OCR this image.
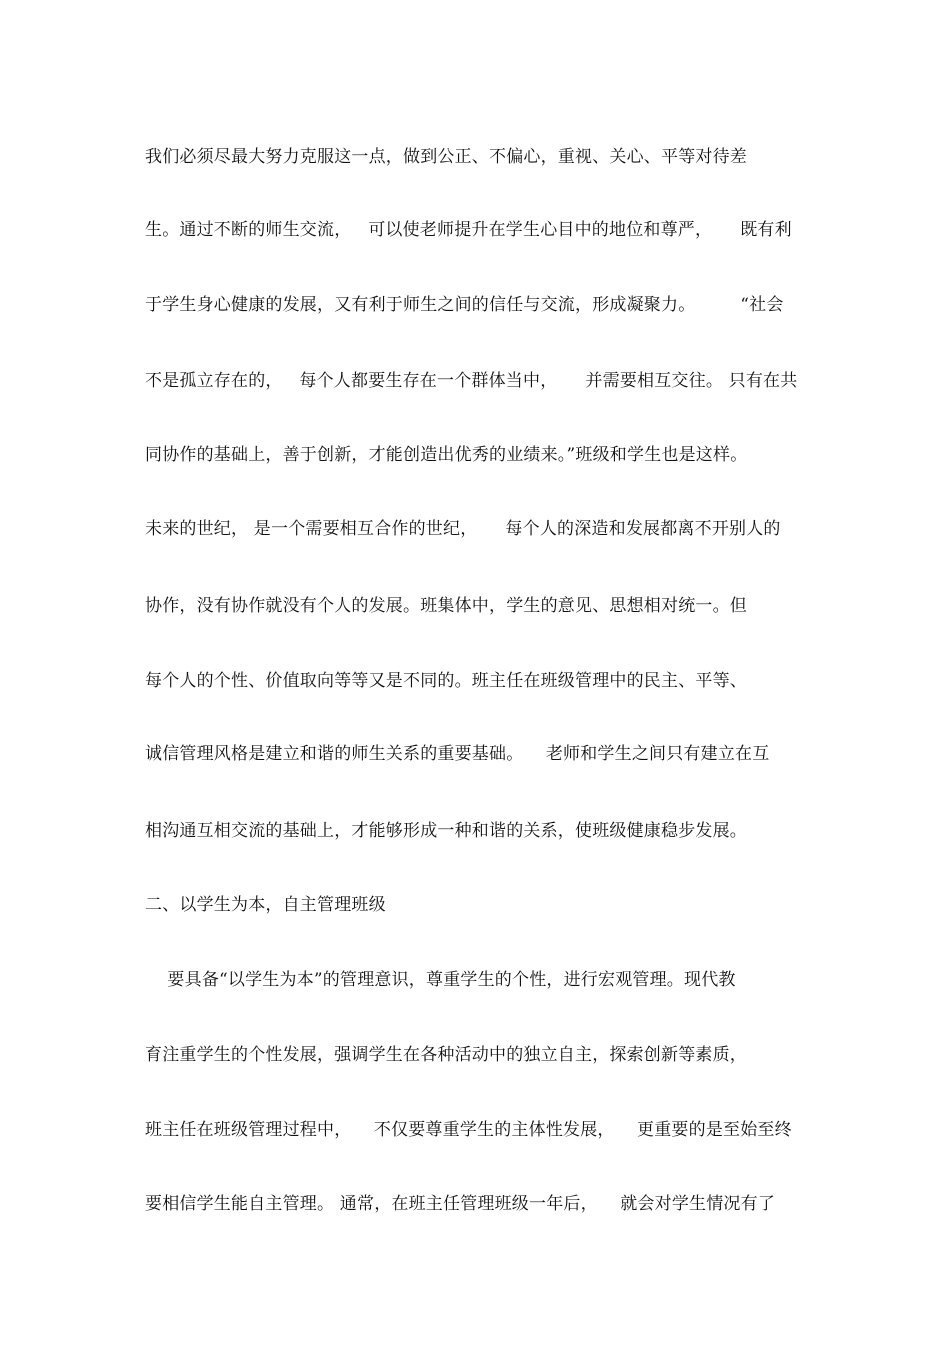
我们必须尽最大努力克服这一点，做到公正、不偏心，重视、关心、平等对待差
生。通过不断的师生交流，   可以使老师提升在学生心目中的地位和尊严，     既有利
于学生身心健康的发展，又有利于师生之间的信任与交流，形成凝聚力。        “社会
不是孤立存在的，   每个人都要生存在一个群体当中，     并需要相互交往。 只有在共
同协作的基础上，善于创新，才能创造出优秀的业绩来。”班级和学生也是这样。
未来的世纪， 是一个需要相互合作的世纪，     每个人的深造和发展都离不开别人的
协作，没有协作就没有个人的发展。班集体中，学生的意见、思想相对统一。但
每个人的个性、价值取向等等又是不同的。班主任在班级管理中的民主、平等、
诚信管理风格是建立和谐的师生关系的重要基础。    老师和学生之间只有建立在互
相沟通互相交流的基础上，才能够形成一种和谐的关系，使班级健康稳步发展。
二、以学生为本，自主管理班级
要具备“以学生为本”的管理意识，尊重学生的个性，进行宏观管理。现代教
育注重学生的个性发展，强调学生在各种活动中的独立自主，探索创新等素质，
班主任在班级管理过程中，    不仅要尊重学生的主体性发展，    更重要的是至始至终
要相信学生能自主管理。 通常，在班主任管理班级一年后，    就会对学生情况有了
